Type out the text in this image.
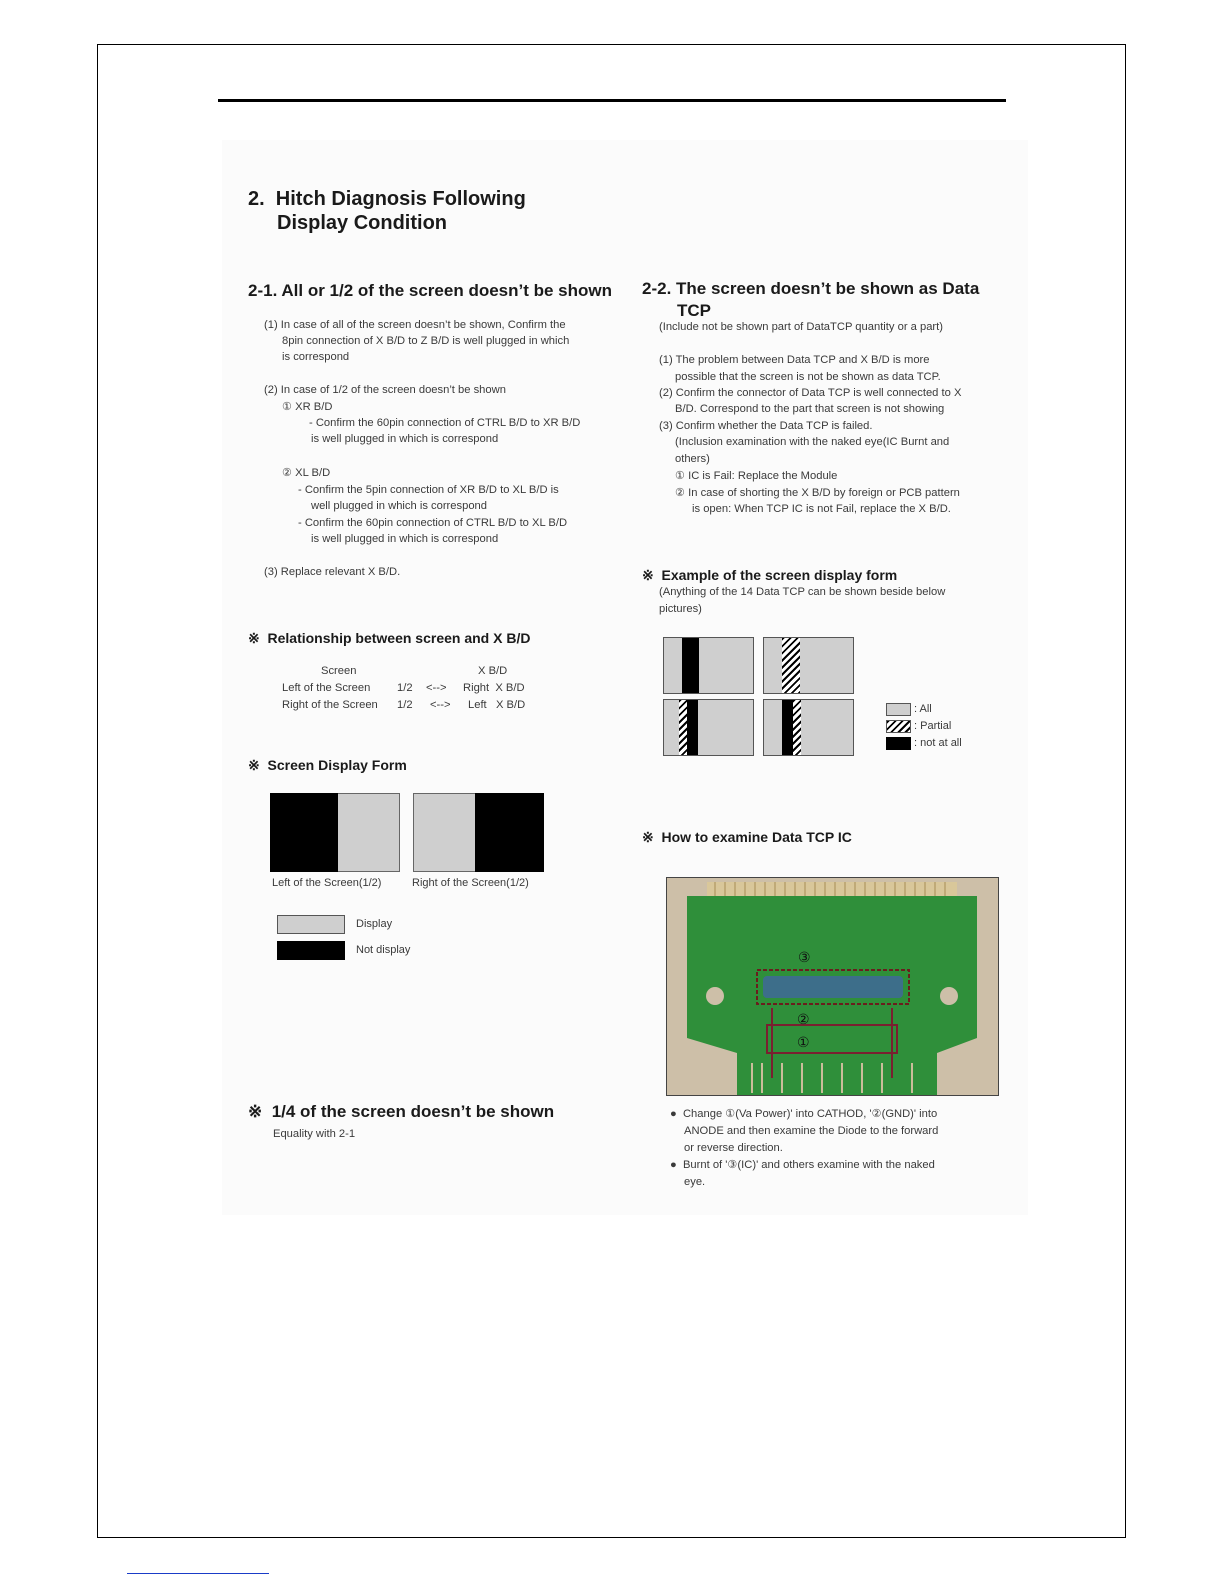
2.  Hitch Diagnosis Following
Display Condition
2-1. All or 1/2 of the screen doesn’t be shown
(1) In case of all of the screen doesn’t be shown, Confirm the
8pin connection of X B/D to Z B/D is well plugged in which
is correspond
(2) In case of 1/2 of the screen doesn’t be shown
① XR B/D
- Confirm the 60pin connection of CTRL B/D to XR B/D
is well plugged in which is correspond
② XL B/D
- Confirm the 5pin connection of XR B/D to XL B/D is
well plugged in which is correspond
- Confirm the 60pin connection of CTRL B/D to XL B/D
is well plugged in which is correspond
(3) Replace relevant X B/D.
※  Relationship between screen and X B/D
Screen	X B/D
Left of the Screen 1/2 <--> Right  X B/D
Right of the Screen 1/2 <--> Left   X B/D
※  Screen Display Form
Left of the Screen(1/2)	Right of the Screen(1/2)
Display
Not display
※  1/4 of the screen doesn’t be shown
Equality with 2-1
2-2. The screen doesn’t be shown as Data
TCP
(Include not be shown part of DataTCP quantity or a part)
(1) The problem between Data TCP and X B/D is more
possible that the screen is not be shown as data TCP.
(2) Confirm the connector of Data TCP is well connected to X
B/D. Correspond to the part that screen is not showing
(3) Confirm whether the Data TCP is failed.
(Inclusion examination with the naked eye(IC Burnt and
others)
① IC is Fail: Replace the Module
② In case of shorting the X B/D by foreign or PCB pattern
is open: When TCP IC is not Fail, replace the X B/D.
※  Example of the screen display form
(Anything of the 14 Data TCP can be shown beside below
pictures)
: All
: Partial
: not at all
※  How to examine Data TCP IC
③
②
①
●  Change ①(Va Power)' into CATHOD, '②(GND)' into
ANODE and then examine the Diode to the forward
or reverse direction.
●  Burnt of '③(IC)' and others examine with the naked
eye.
